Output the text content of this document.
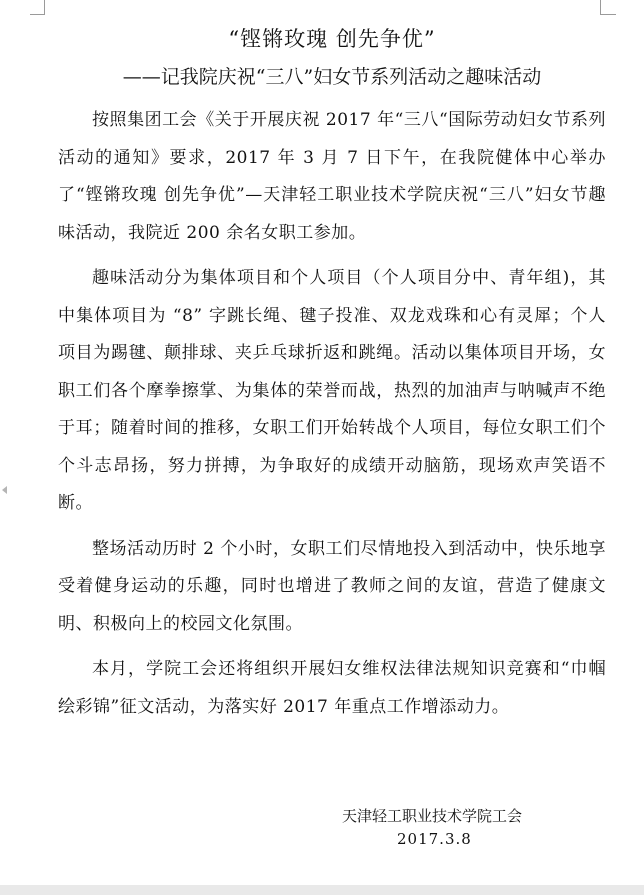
“铿锵玫瑰 创先争优”
——记我院庆祝“三八”妇女节系列活动之趣味活动

按照集团工会《关于开展庆祝 2017 年“三八“国际劳动妇女节系列活动的通知》要求，2017 年 3 月 7 日下午，在我院健体中心举办了“铿锵玫瑰 创先争优”—天津轻工职业技术学院庆祝“三八”妇女节趣味活动，我院近 200 余名女职工参加。

趣味活动分为集体项目和个人项目（个人项目分中、青年组)，其中集体项目为 “8” 字跳长绳、毽子投准、双龙戏珠和心有灵犀；个人项目为踢毽、颠排球、夹乒乓球折返和跳绳。活动以集体项目开场，女职工们各个摩拳擦掌、为集体的荣誉而战，热烈的加油声与呐喊声不绝于耳；随着时间的推移，女职工们开始转战个人项目，每位女职工们个个斗志昂扬，努力拼搏，为争取好的成绩开动脑筋，现场欢声笑语不断。

整场活动历时 2 个小时，女职工们尽情地投入到活动中，快乐地享受着健身运动的乐趣，同时也增进了教师之间的友谊，营造了健康文明、积极向上的校园文化氛围。

本月，学院工会还将组织开展妇女维权法律法规知识竞赛和“巾帼绘彩锦”征文活动，为落实好 2017 年重点工作增添动力。

天津轻工职业技术学院工会
2017.3.8
